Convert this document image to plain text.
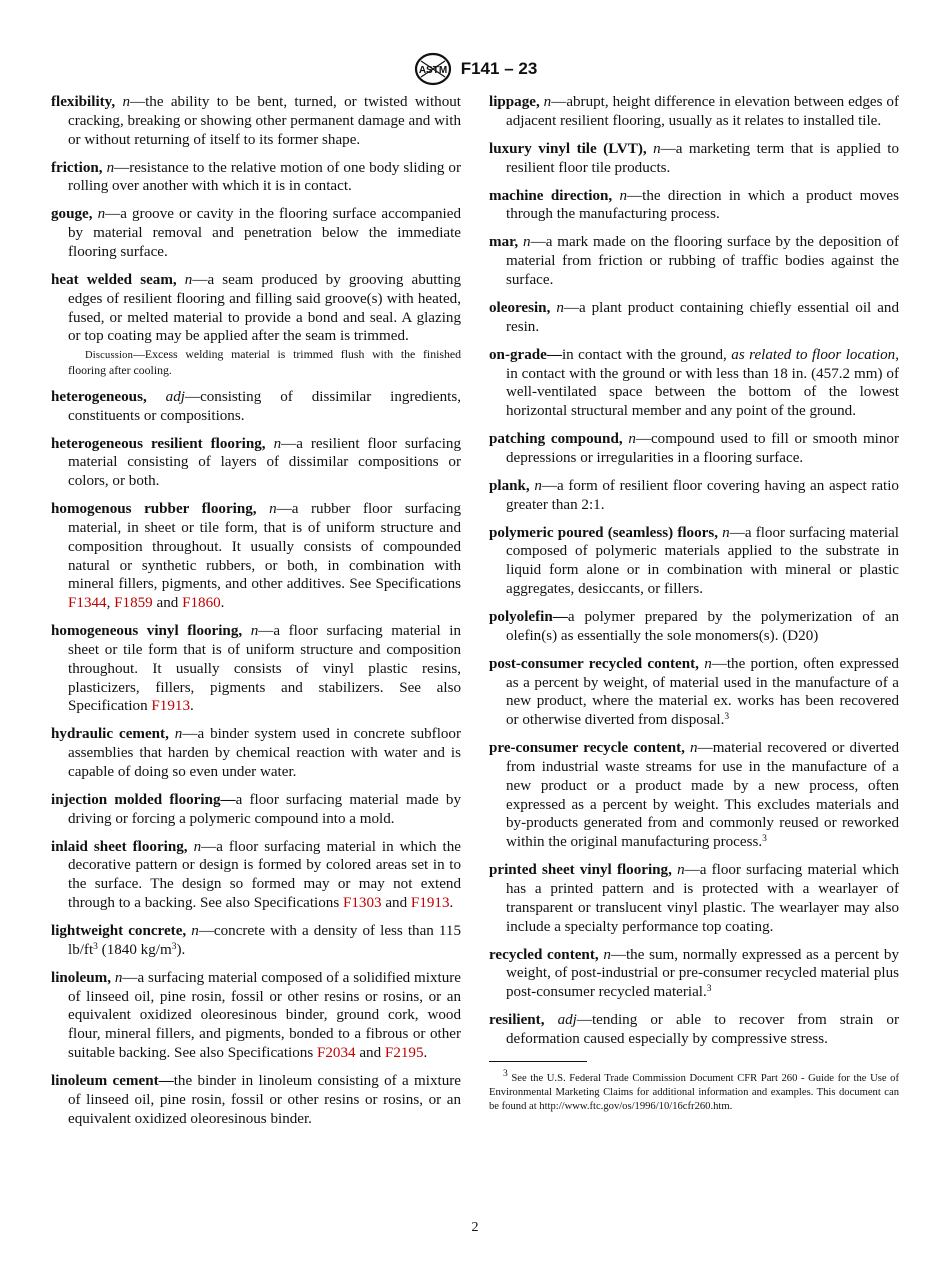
ASTM F141 – 23

flexibility, n—the ability to be bent, turned, or twisted without cracking, breaking or showing other permanent damage and with or without returning of itself to its former shape.

friction, n—resistance to the relative motion of one body sliding or rolling over another with which it is in contact.

gouge, n—a groove or cavity in the flooring surface accompanied by material removal and penetration below the immediate flooring surface.

heat welded seam, n—a seam produced by grooving abutting edges of resilient flooring and filling said groove(s) with heated, fused, or melted material to provide a bond and seal. A glazing or top coating may be applied after the seam is trimmed.

Discussion—Excess welding material is trimmed flush with the finished flooring after cooling.

heterogeneous, adj—consisting of dissimilar ingredients, constituents or compositions.

heterogeneous resilient flooring, n—a resilient floor surfacing material consisting of layers of dissimilar compositions or colors, or both.

homogenous rubber flooring, n—a rubber floor surfacing material, in sheet or tile form, that is of uniform structure and composition throughout. It usually consists of compounded natural or synthetic rubbers, or both, in combination with mineral fillers, pigments, and other additives. See Specifications F1344, F1859 and F1860.

homogeneous vinyl flooring, n—a floor surfacing material in sheet or tile form that is of uniform structure and composition throughout. It usually consists of vinyl plastic resins, plasticizers, fillers, pigments and stabilizers. See also Specification F1913.

hydraulic cement, n—a binder system used in concrete subfloor assemblies that harden by chemical reaction with water and is capable of doing so even under water.

injection molded flooring—a floor surfacing material made by driving or forcing a polymeric compound into a mold.

inlaid sheet flooring, n—a floor surfacing material in which the decorative pattern or design is formed by colored areas set in to the surface. The design so formed may or may not extend through to a backing. See also Specifications F1303 and F1913.

lightweight concrete, n—concrete with a density of less than 115 $lb/ft^3$ (1840 $kg/m^3$).

linoleum, n—a surfacing material composed of a solidified mixture of linseed oil, pine rosin, fossil or other resins or rosins, or an equivalent oxidized oleoresinous binder, ground cork, wood flour, mineral fillers, and pigments, bonded to a fibrous or other suitable backing. See also Specifications F2034 and F2195.

linoleum cement—the binder in linoleum consisting of a mixture of linseed oil, pine rosin, fossil or other resins or rosins, or an equivalent oxidized oleoresinous binder.

lippage, n—abrupt, height difference in elevation between edges of adjacent resilient flooring, usually as it relates to installed tile.

luxury vinyl tile (LVT), n—a marketing term that is applied to resilient floor tile products.

machine direction, n—the direction in which a product moves through the manufacturing process.

mar, n—a mark made on the flooring surface by the deposition of material from friction or rubbing of traffic bodies against the surface.

oleoresin, n—a plant product containing chiefly essential oil and resin.

on-grade—in contact with the ground, as related to floor location, in contact with the ground or with less than 18 in. (457.2 mm) of well-ventilated space between the bottom of the lowest horizontal structural member and any point of the ground.

patching compound, n—compound used to fill or smooth minor depressions or irregularities in a flooring surface.

plank, n—a form of resilient floor covering having an aspect ratio greater than 2:1.

polymeric poured (seamless) floors, n—a floor surfacing material composed of polymeric materials applied to the substrate in liquid form alone or in combination with mineral or plastic aggregates, desiccants, or fillers.

polyolefin—a polymer prepared by the polymerization of an olefin(s) as essentially the sole monomers(s). (D20)

post-consumer recycled content, n—the portion, often expressed as a percent by weight, of material used in the manufacture of a new product, where the material ex. works has been recovered or otherwise diverted from disposal.$^3$

pre-consumer recycle content, n—material recovered or diverted from industrial waste streams for use in the manufacture of a new product or a product made by a new process, often expressed as a percent by weight. This excludes materials and by-products generated from and commonly reused or reworked within the original manufacturing process.$^3$

printed sheet vinyl flooring, n—a floor surfacing material which has a printed pattern and is protected with a wearlayer of transparent or translucent vinyl plastic. The wearlayer may also include a specialty performance top coating.

recycled content, n—the sum, normally expressed as a percent by weight, of post-industrial or pre-consumer recycled material plus post-consumer recycled material.$^3$

resilient, adj—tending or able to recover from strain or deformation caused especially by compressive stress.

$^3$ See the U.S. Federal Trade Commission Document CFR Part 260 - Guide for the Use of Environmental Marketing Claims for additional information and examples. This document can be found at http://www.ftc.gov/os/1996/10/16cfr260.htm.

2
